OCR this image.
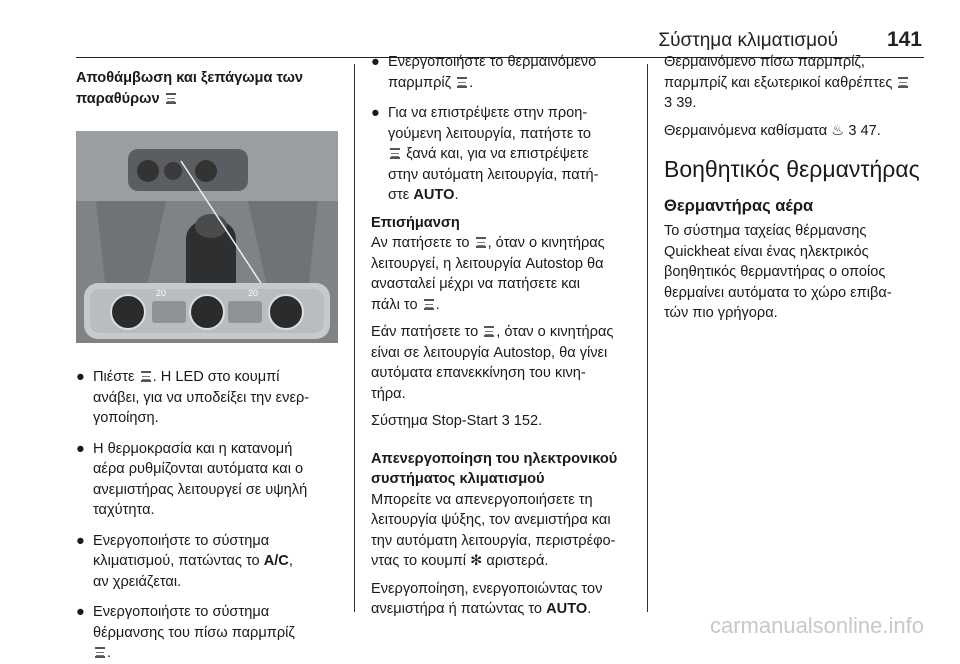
Σύστημα κλιματισμού 141

Αποθάμβωση και ξεπάγωμα των
παραθύρων

20	20
● Πιέστε . Η LED στο κουμπί
ανάβει, για να υποδείξει την ενερ-
γοποίηση.
● Η θερμοκρασία και η κατανομή
αέρα ρυθμίζονται αυτόματα και ο
ανεμιστήρας λειτουργεί σε υψηλή
ταχύτητα.
● Ενεργοποιήστε το σύστημα
κλιματισμού, πατώντας το A/C,
αν χρειάζεται.
● Ενεργοποιήστε το σύστημα
θέρμανσης του πίσω παρμπρίζ
.
● Ενεργοποιήστε το θερμαινόμενο
παρμπρίζ .
● Για να επιστρέψετε στην προη-
γούμενη λειτουργία, πατήστε το
ξανά και, για να επιστρέψετε
στην αυτόματη λειτουργία, πατή-
στε AUTO.

Επισήμανση

Αν πατήσετε το , όταν ο κινητήρας
λειτουργεί, η λειτουργία Autostop θα
ανασταλεί μέχρι να πατήσετε και
πάλι το .

Εάν πατήσετε το , όταν ο κινητήρας
είναι σε λειτουργία Autostop, θα γίνει
αυτόματα επανεκκίνηση του κινη-
τήρα.

Σύστημα Stop-Start 3 152.

Απενεργοποίηση του ηλεκτρονικού
συστήματος κλιματισμού

Μπορείτε να απενεργοποιήσετε τη
λειτουργία ψύξης, τον ανεμιστήρα και
την αυτόματη λειτουργία, περιστρέφο-
ντας το κουμπί ✻ αριστερά.

Ενεργοποίηση, ενεργοποιώντας τον
ανεμιστήρα ή πατώντας το AUTO.

Θερμαινόμενο πίσω παρμπρίζ,
παρμπρίζ και εξωτερικοί καθρέπτες
3 39.

Θερμαινόμενα καθίσματα ♨ 3 47.

Βοηθητικός θερμαντήρας

Θερμαντήρας αέρα

Το σύστημα ταχείας θέρμανσης
Quickheat είναι ένας ηλεκτρικός
βοηθητικός θερμαντήρας ο οποίος
θερμαίνει αυτόματα το χώρο επιβα-
τών πιο γρήγορα.

carmanualsonline.info
